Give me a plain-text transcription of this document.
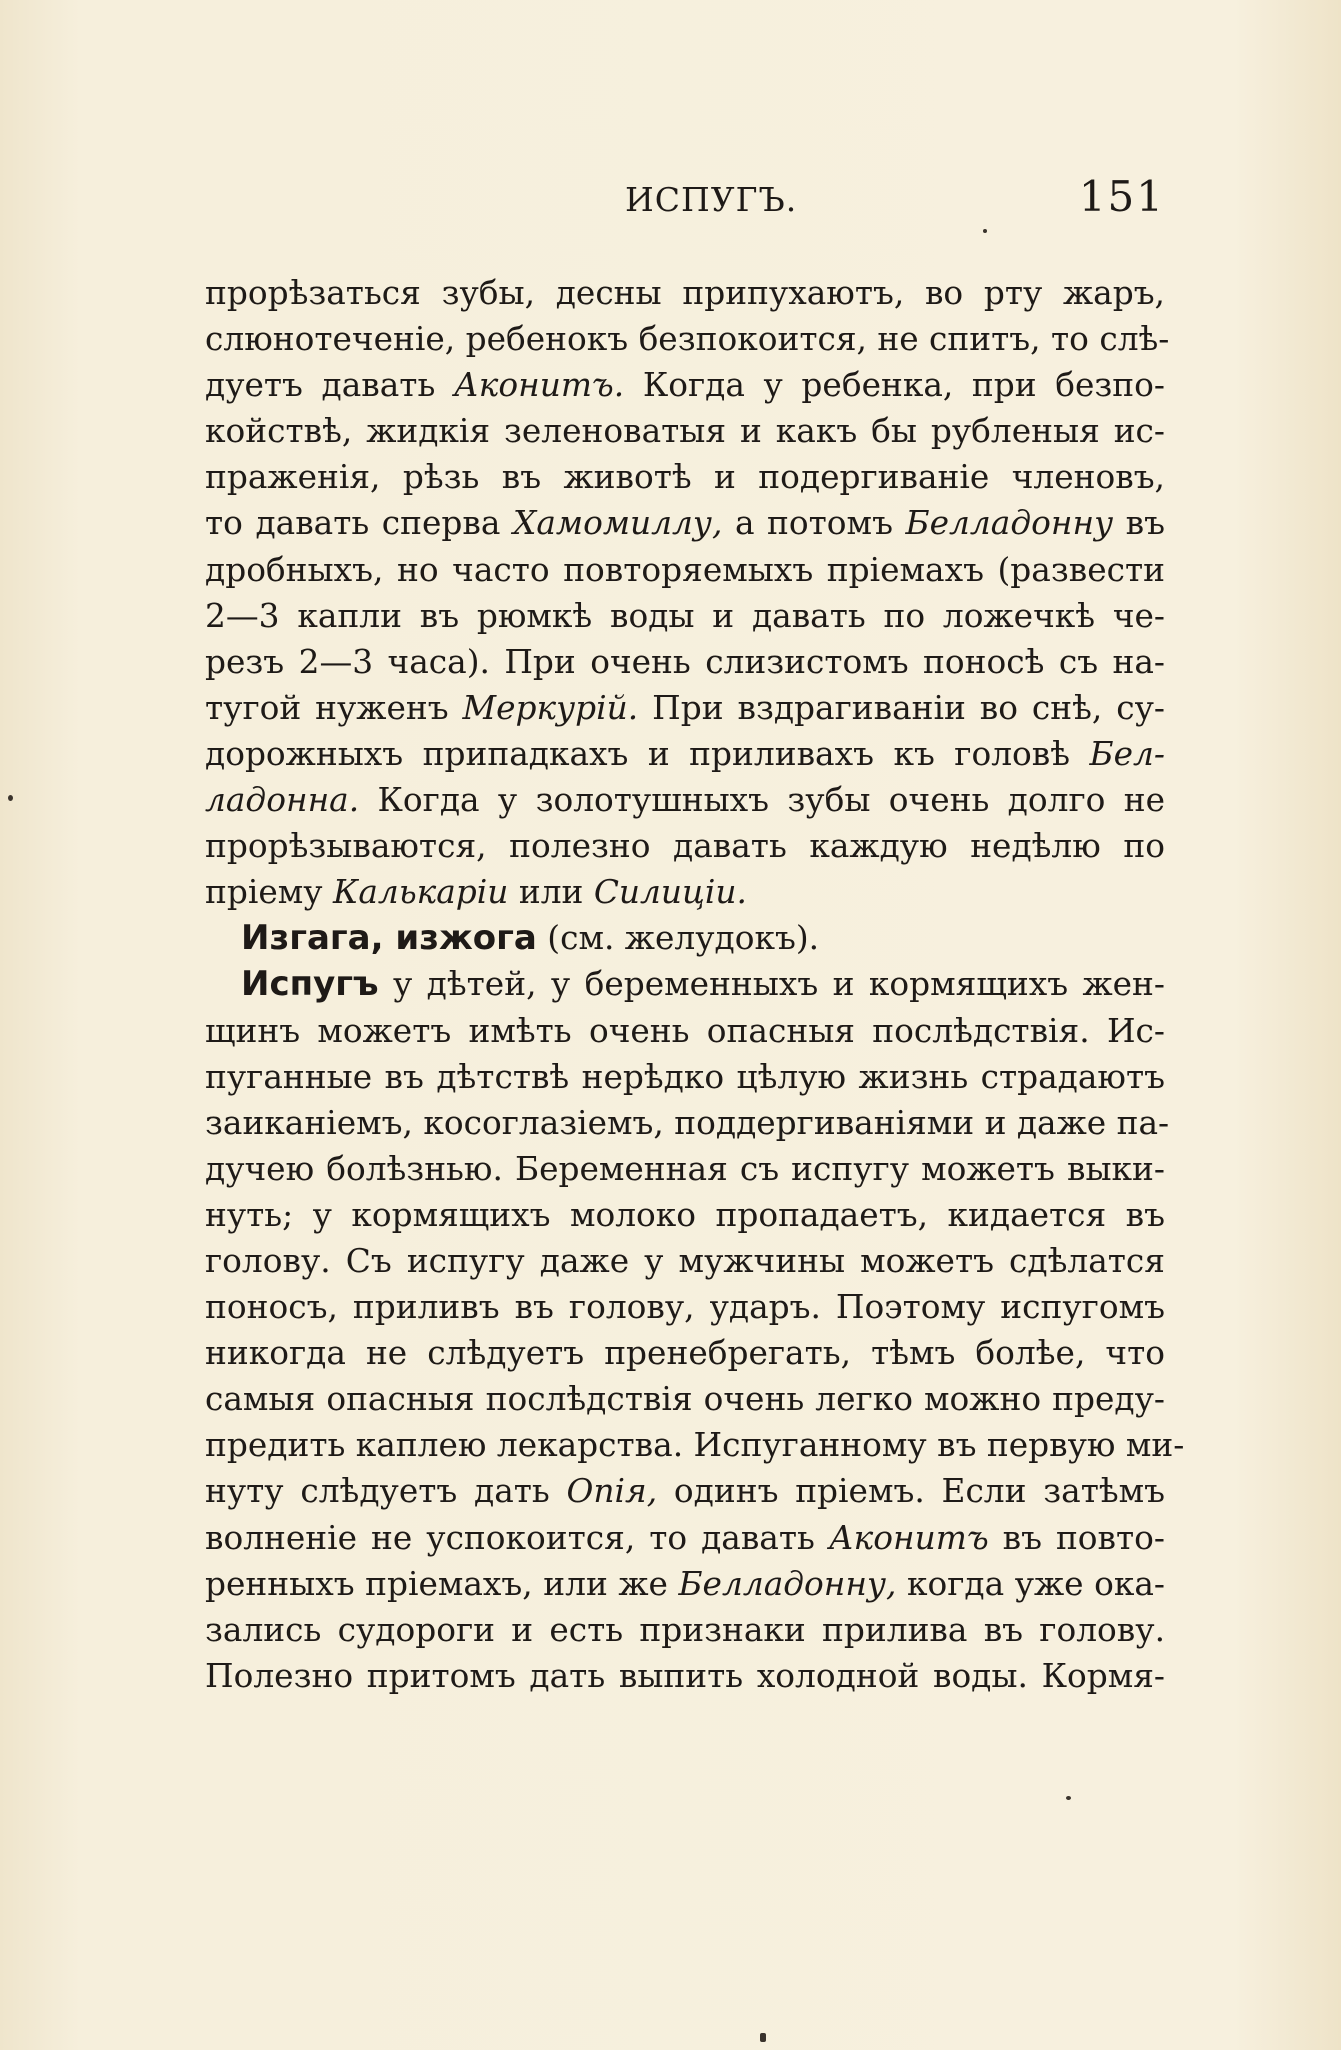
ИСПУГЪ.	151
прорѣзаться зубы, десны припухаютъ, во рту жаръ,
слюнотеченіе, ребенокъ безпокоится, не спитъ, то слѣ-
дуетъ давать Аконитъ. Когда у ребенка, при безпо-
койствѣ, жидкія зеленоватыя и какъ бы рубленыя ис-
праженія, рѣзь въ животѣ и подергиваніе членовъ,
то давать сперва Хамомиллу, а потомъ Белладонну въ
дробныхъ, но часто повторяемыхъ пріемахъ (развести
2—3 капли въ рюмкѣ воды и давать по ложечкѣ че-
резъ 2—3 часа). При очень слизистомъ поносѣ съ на-
тугой нуженъ Меркурій. При вздрагиваніи во снѣ, су-
дорожныхъ припадкахъ и приливахъ къ головѣ Бел-
ладонна. Когда у золотушныхъ зубы очень долго не
прорѣзываются, полезно давать каждую недѣлю по
пріему Калькаріи или Силиціи.
Изгага, изжога (см. желудокъ).
Испугъ у дѣтей, у беременныхъ и кормящихъ жен-
щинъ можетъ имѣть очень опасныя послѣдствія. Ис-
пуганные въ дѣтствѣ нерѣдко цѣлую жизнь страдаютъ
заиканіемъ, косоглазіемъ, поддергиваніями и даже па-
дучею болѣзнью. Беременная съ испугу можетъ выки-
нуть; у кормящихъ молоко пропадаетъ, кидается въ
голову. Съ испугу даже у мужчины можетъ сдѣлатся
поносъ, приливъ въ голову, ударъ. Поэтому испугомъ
никогда не слѣдуетъ пренебрегать, тѣмъ болѣе, что
самыя опасныя послѣдствія очень легко можно преду-
предить каплею лекарства. Испуганному въ первую ми-
нуту слѣдуетъ дать Опія, одинъ пріемъ. Если затѣмъ
волненіе не успокоится, то давать Аконитъ въ повто-
ренныхъ пріемахъ, или же Белладонну, когда уже ока-
зались судороги и есть признаки прилива въ голову.
Полезно притомъ дать выпить холодной воды. Кормя-
